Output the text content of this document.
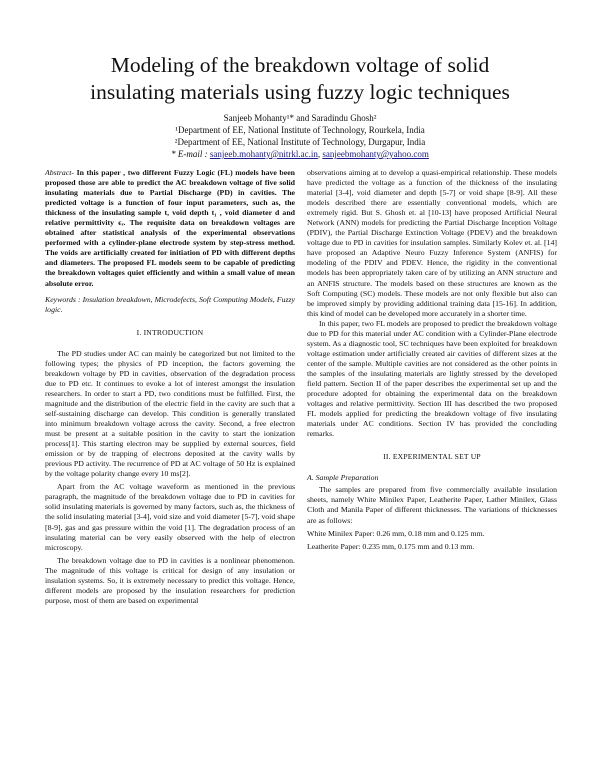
Modeling of the breakdown voltage of solid
insulating materials using fuzzy logic techniques
Sanjeeb Mohanty¹* and Saradindu Ghosh²
¹Department of EE, National Institute of Technology, Rourkela, India
²Department of EE, National Institute of Technology, Durgapur, India
* E-mail : sanjeeb.mohanty@nitrkl.ac.in, sanjeebmohanty@yahoo.com

Abstract- In this paper , two different Fuzzy Logic (FL) models have been proposed those are able to predict the AC breakdown voltage of five solid insulating materials due to Partial Discharge (PD) in cavities. The predicted voltage is a function of four input parameters, such as, the thickness of the insulating sample t, void depth t₁ , void diameter d and relative permittivity ϵᵣ. The requisite data on breakdown voltages are obtained after statistical analysis of the experimental observations performed with a cylinder-plane electrode system by step-stress method. The voids are artificially created for initiation of PD with different depths and diameters. The proposed FL models seem to be capable of predicting the breakdown voltages quiet efficiently and within a small value of mean absolute error.

Keywords : Insulation breakdown, Microdefects, Soft Computing Models, Fuzzy logic.

I. INTRODUCTION

The PD studies under AC can mainly be categorized but not limited to the following types; the physics of PD inception, the factors governing the breakdown voltage by PD in cavities, observation of the degradation process due to PD etc. It continues to evoke a lot of interest amongst the insulation researchers. In order to start a PD, two conditions must be fulfilled. First, the magnitude and the distribution of the electric field in the cavity are such that a self-sustaining discharge can develop. This condition is generally translated into minimum breakdown voltage across the cavity. Second, a free electron must be present at a suitable position in the cavity to start the ionization process[1]. This starting electron may be supplied by external sources, field emission or by de trapping of electrons deposited at the cavity walls by previous PD activity. The recurrence of PD at AC voltage of 50 Hz is explained by the voltage polarity change every 10 ms[2].

Apart from the AC voltage waveform as mentioned in the previous paragraph, the magnitude of the breakdown voltage due to PD in cavities for solid insulating materials is governed by many factors, such as, the thickness of the solid insulating material [3-4], void size and void diameter [5-7], void shape [8-9], gas and gas pressure within the void [1]. The degradation process of an insulating material can be very easily observed with the help of electron microscopy.

The breakdown voltage due to PD in cavities is a nonlinear phenomenon. The magnitude of this voltage is critical for design of any insulation or insulation systems. So, it is extremely necessary to predict this voltage. Hence, different models are proposed by the insulation researchers for prediction purpose, most of them are based on experimental

observations aiming at to develop a quasi-empirical relationship. These models have predicted the voltage as a function of the thickness of the insulating material [3-4], void diameter and depth [5-7] or void shape [8-9]. All these models described there are essentially conventional models, which are extremely rigid. But S. Ghosh et. al [10-13] have proposed Artificial Neural Network (ANN) models for predicting the Partial Discharge Inception Voltage (PDIV), the Partial Discharge Extinction Voltage (PDEV) and the breakdown voltage due to PD in cavities for insulation samples. Similarly Kolev et. al. [14] have proposed an Adaptive Neuro Fuzzy Inference System (ANFIS) for modeling of the PDIV and PDEV. Hence, the rigidity in the conventional models has been appropriately taken care of by utilizing an ANN structure and an ANFIS structure. The models based on these structures are known as the Soft Computing (SC) models. These models are not only flexible but also can be improved simply by providing additional training data [15-16]. In addition, this kind of model can be developed more accurately in a shorter time.

In this paper, two FL models are proposed to predict the breakdown voltage due to PD for this material under AC condition with a Cylinder-Plane electrode system. As a diagnostic tool, SC techniques have been exploited for breakdown voltage estimation under artificially created air cavities of different sizes at the center of the sample. Multiple cavities are not considered as the other points in the samples of the insulating materials are lightly stressed by the developed field pattern. Section II of the paper describes the experimental set up and the procedure adopted for obtaining the experimental data on the breakdown voltages and relative permittivity. Section III has described the two proposed FL models applied for predicting the breakdown voltage of five insulating materials under AC conditions. Section IV has provided the concluding remarks.

II. EXPERIMENTAL SET UP

A. Sample Preparation

The samples are prepared from five commercially available insulation sheets, namely White Minilex Paper, Leatherite Paper, Lather Minilex, Glass Cloth and Manila Paper of different thicknesses. The variations of thicknesses are as follows:

White Minilex Paper: 0.26 mm, 0.18 mm and 0.125 mm.

Leatherite Paper: 0.235 mm, 0.175 mm and 0.13 mm.
